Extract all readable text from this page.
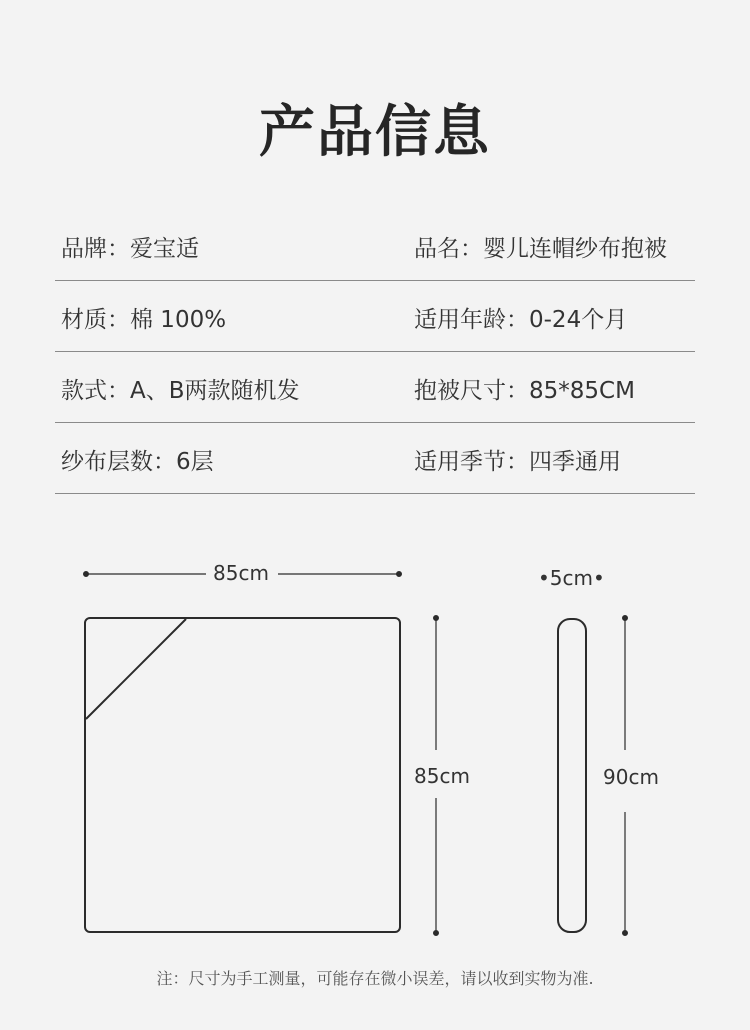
产品信息
品牌：爱宝适	品名：婴儿连帽纱布抱被
材质：棉 100%	适用年龄：0-24个月
款式：A、B两款随机发	抱被尺寸：85*85CM
纱布层数：6层	适用季节：四季通用
85cm
85cm
•5cm•
90cm
注：尺寸为手工测量，可能存在微小误差，请以收到实物为准.
